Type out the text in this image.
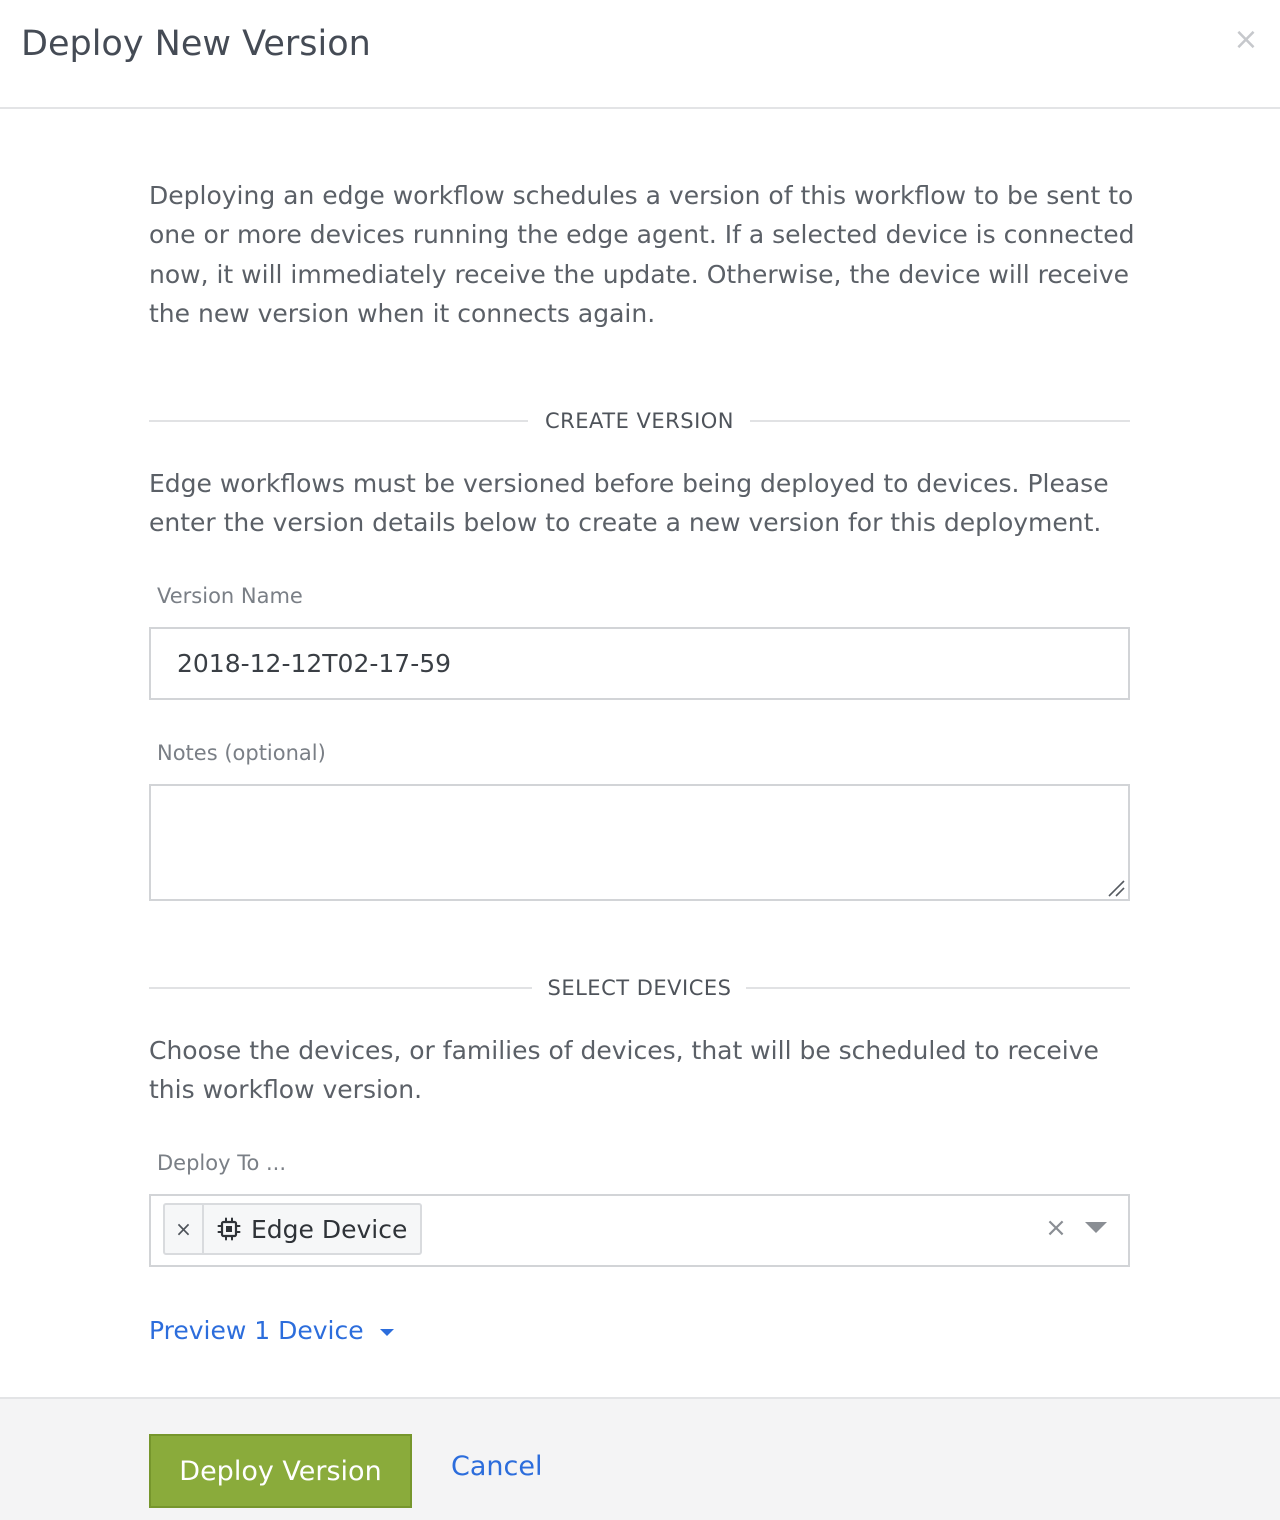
Deploy New Version	×
Deploying an edge workflow schedules a version of this workflow to be sent to one or more devices running the edge agent. If a selected device is connected now, it will immediately receive the update. Otherwise, the device will receive the new version when it connects again.
CREATE VERSION
Edge workflows must be versioned before being deployed to devices. Please enter the version details below to create a new version for this deployment.
Version Name
2018-12-12T02-17-59
Notes (optional)
SELECT DEVICES
Choose the devices, or families of devices, that will be scheduled to receive this workflow version.
Deploy To ...
×	Edge Device	×
Preview 1 Device
Deploy Version	Cancel
